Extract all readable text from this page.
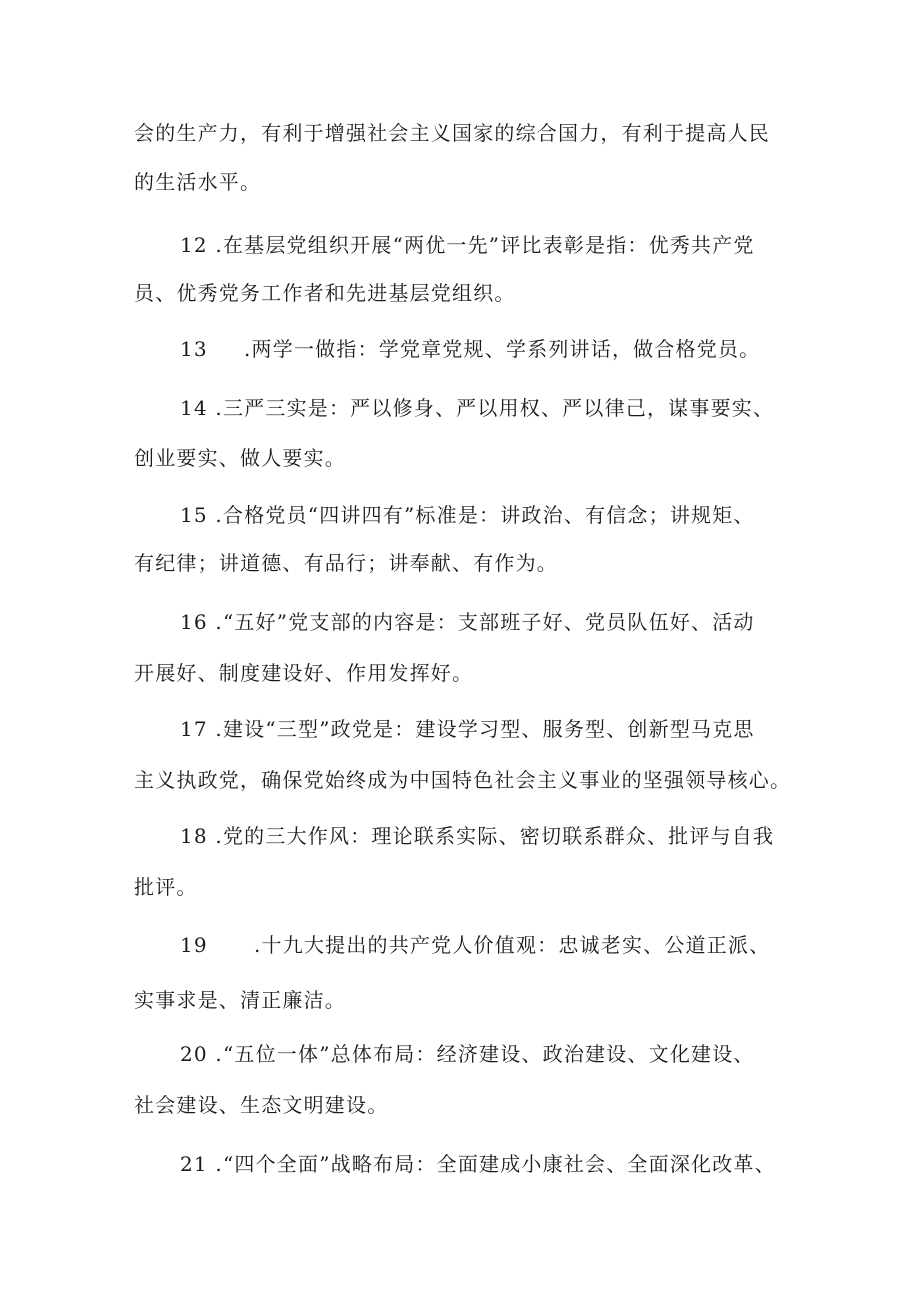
会的生产力，有利于增强社会主义国家的综合国力，有利于提高人民
的生活水平。
12 .在基层党组织开展“两优一先”评比表彰是指：优秀共产党
员、优秀党务工作者和先进基层党组织。
13 .两学一做指：学党章党规、学系列讲话，做合格党员。
14 .三严三实是：严以修身、严以用权、严以律己，谋事要实、
创业要实、做人要实。
15 .合格党员“四讲四有”标准是：讲政治、有信念；讲规矩、
有纪律；讲道德、有品行；讲奉献、有作为。
16 .“五好”党支部的内容是：支部班子好、党员队伍好、活动
开展好、制度建设好、作用发挥好。
17 .建设“三型”政党是：建设学习型、服务型、创新型马克思
主义执政党，确保党始终成为中国特色社会主义事业的坚强领导核心。
18 .党的三大作风：理论联系实际、密切联系群众、批评与自我
批评。
19 .十九大提出的共产党人价值观：忠诚老实、公道正派、
实事求是、清正廉洁。
20 .“五位一体”总体布局：经济建设、政治建设、文化建设、
社会建设、生态文明建设。
21 .“四个全面”战略布局：全面建成小康社会、全面深化改革、
